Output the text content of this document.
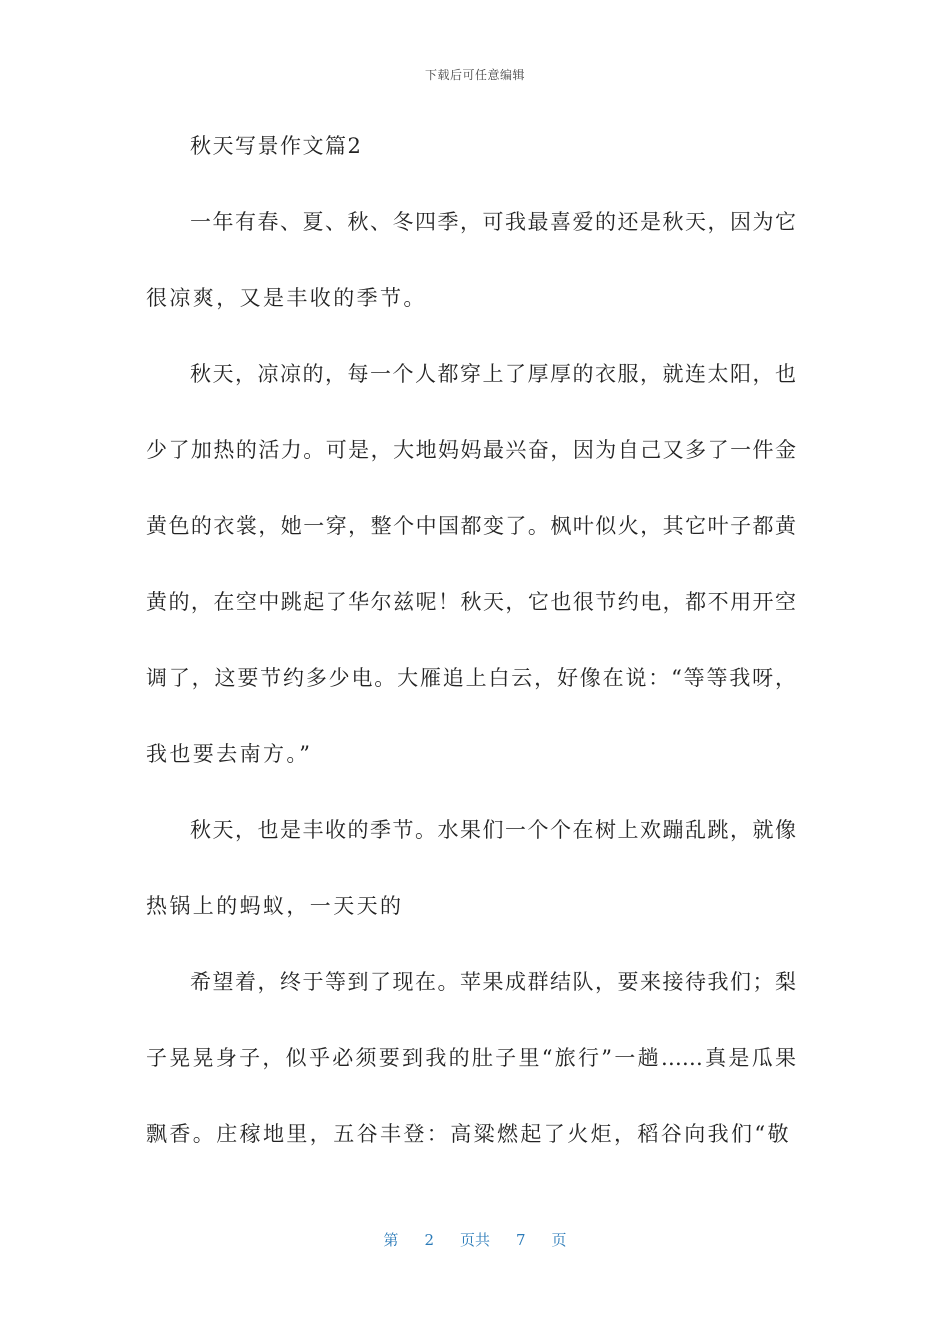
下载后可任意编辑
秋天写景作文篇2
一年有春、夏、秋、冬四季，可我最喜爱的还是秋天，因为它
很凉爽，又是丰收的季节。
秋天，凉凉的，每一个人都穿上了厚厚的衣服，就连太阳，也
少了加热的活力。可是，大地妈妈最兴奋，因为自己又多了一件金
黄色的衣裳，她一穿，整个中国都变了。枫叶似火，其它叶子都黄
黄的，在空中跳起了华尔兹呢！秋天，它也很节约电，都不用开空
调了，这要节约多少电。大雁追上白云，好像在说：“等等我呀，
我也要去南方。”
秋天，也是丰收的季节。水果们一个个在树上欢蹦乱跳，就像
热锅上的蚂蚁，一天天的
希望着，终于等到了现在。苹果成群结队，要来接待我们；梨
子晃晃身子，似乎必须要到我的肚子里“旅行”一趟……真是瓜果
飘香。庄稼地里，五谷丰登：高粱燃起了火炬，稻谷向我们“敬
第 2 页共 7 页
